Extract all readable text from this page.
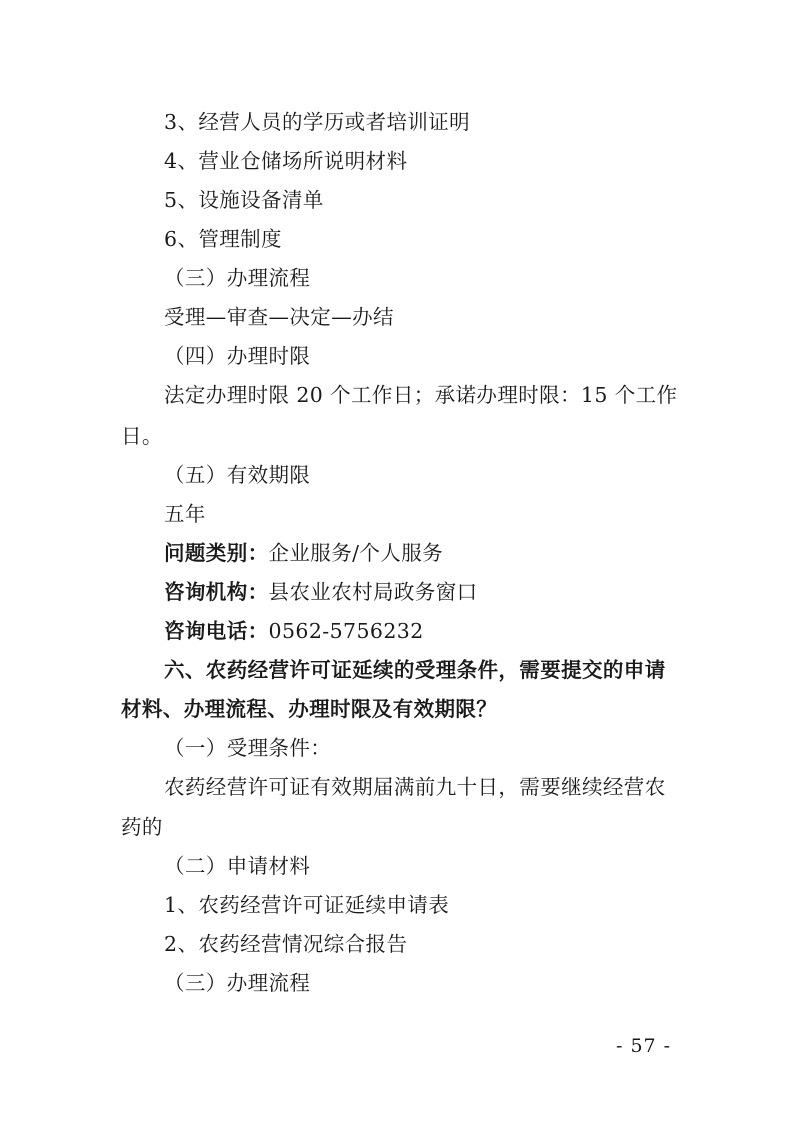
3、经营人员的学历或者培训证明
4、营业仓储场所说明材料
5、设施设备清单
6、管理制度
（三）办理流程
受理—审查—决定—办结
（四）办理时限
法定办理时限 20 个工作日；承诺办理时限：15 个工作
日。
（五）有效期限
五年
问题类别：企业服务/个人服务
咨询机构：县农业农村局政务窗口
咨询电话：0562-5756232
六、农药经营许可证延续的受理条件，需要提交的申请
材料、办理流程、办理时限及有效期限？
（一）受理条件：
农药经营许可证有效期届满前九十日，需要继续经营农
药的
（二）申请材料
1、农药经营许可证延续申请表
2、农药经营情况综合报告
（三）办理流程
- 57 -
